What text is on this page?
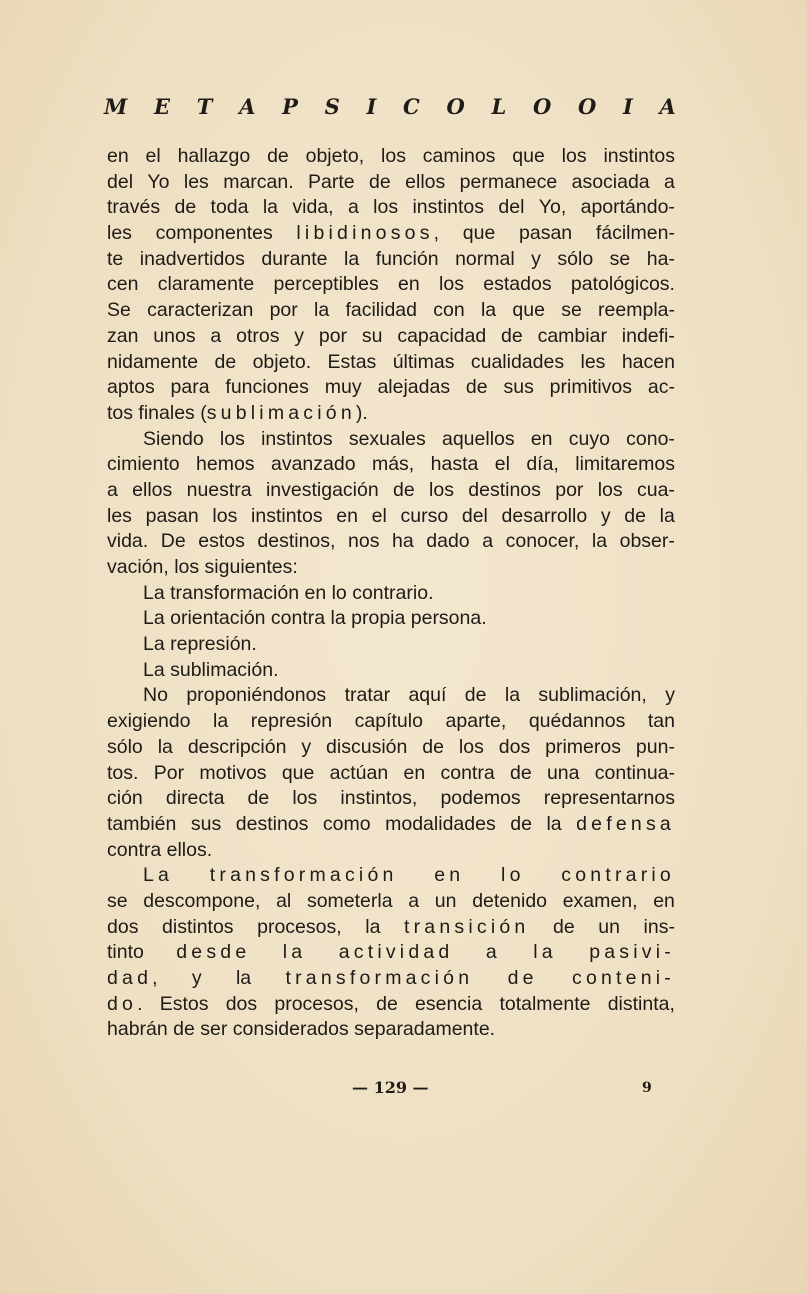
M E T A P S I C O L O O I A
en el hallazgo de objeto, los caminos que los instintos
del Yo les marcan. Parte de ellos permanece asociada a
través de toda la vida, a los instintos del Yo, aportándo-
les componentes libidinosos, que pasan fácilmen-
te inadvertidos durante la función normal y sólo se ha-
cen claramente perceptibles en los estados patológicos.
Se caracterizan por la facilidad con la que se reempla-
zan unos a otros y por su capacidad de cambiar indefi-
nidamente de objeto. Estas últimas cualidades les hacen
aptos para funciones muy alejadas de sus primitivos ac-
tos finales ( sublimación ).
Siendo los instintos sexuales aquellos en cuyo cono-
cimiento hemos avanzado más, hasta el día, limitaremos
a ellos nuestra investigación de los destinos por los cua-
les pasan los instintos en el curso del desarrollo y de la
vida. De estos destinos, nos ha dado a conocer, la obser-
vación, los siguientes:
La transformación en lo contrario.
La orientación contra la propia persona.
La represión.
La sublimación.
No proponiéndonos tratar aquí de la sublimación, y
exigiendo la represión capítulo aparte, quédannos tan
sólo la descripción y discusión de los dos primeros pun-
tos. Por motivos que actúan en contra de una continua-
ción directa de los instintos, podemos representarnos
también sus destinos como modalidades de la defensa
contra ellos.
La transformación en lo contrario
se descompone, al someterla a un detenido examen, en
dos distintos procesos, la transición de un ins-
tinto desde la actividad a la pasivi-
dad, y la transformación de conteni-
do. Estos dos procesos, de esencia totalmente distinta,
habrán de ser considerados separadamente.
— 129 —	9
